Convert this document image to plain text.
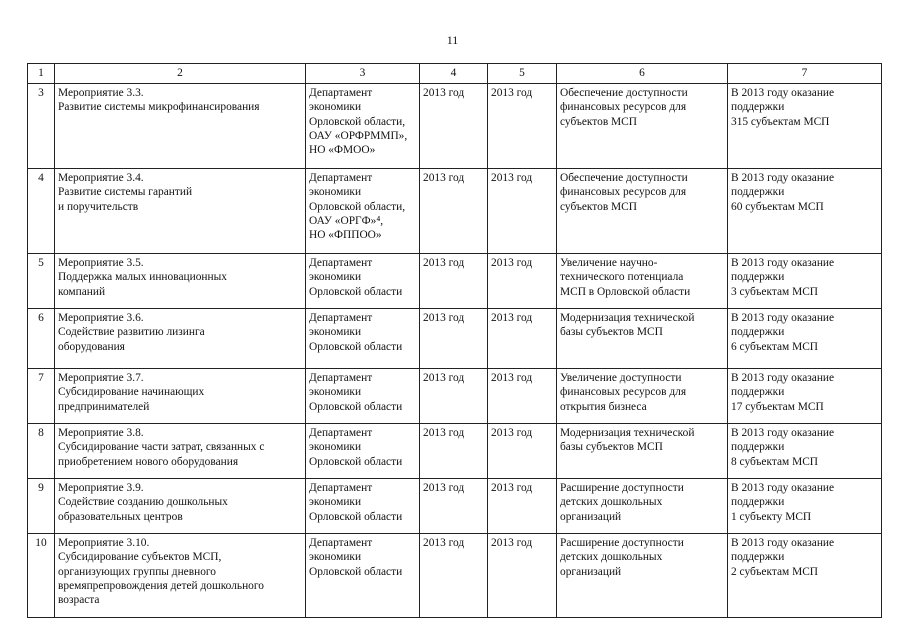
11
1	2	3	4	5	6	7
3	Мероприятие 3.3.
Развитие системы микрофинансирования	Департамент
экономики
Орловской области,
ОАУ «ОРФРММП»,
НО «ФМОО»	2013 год	2013 год	Обеспечение доступности
финансовых ресурсов для
субъектов МСП	В 2013 году оказание
поддержки
315 субъектам МСП

4	Мероприятие 3.4.
Развитие системы гарантий
и поручительств	Департамент
экономики
Орловской области,
ОАУ «ОРГФ»⁴,
НО «ФППОО»	2013 год	2013 год	Обеспечение доступности
финансовых ресурсов для
субъектов МСП	В 2013 году оказание
поддержки
60 субъектам МСП

5	Мероприятие 3.5.
Поддержка малых инновационных
компаний	Департамент
экономики
Орловской области	2013 год	2013 год	Увеличение научно-
технического потенциала
МСП в Орловской области	В 2013 году оказание
поддержки
3 субъектам МСП

6	Мероприятие 3.6.
Содействие развитию лизинга
оборудования	Департамент
экономики
Орловской области	2013 год	2013 год	Модернизация технической
базы субъектов МСП	В 2013 году оказание
поддержки
6 субъектам МСП

7	Мероприятие 3.7.
Субсидирование начинающих
предпринимателей	Департамент
экономики
Орловской области	2013 год	2013 год	Увеличение доступности
финансовых ресурсов для
открытия бизнеса	В 2013 году оказание
поддержки
17 субъектам МСП

8	Мероприятие 3.8.
Субсидирование части затрат, связанных с
приобретением нового оборудования	Департамент
экономики
Орловской области	2013 год	2013 год	Модернизация технической
базы субъектов МСП	В 2013 году оказание
поддержки
8 субъектам МСП

9	Мероприятие 3.9.
Содействие созданию дошкольных
образовательных центров	Департамент
экономики
Орловской области	2013 год	2013 год	Расширение доступности
детских дошкольных
организаций	В 2013 году оказание
поддержки
1 субъекту МСП

10	Мероприятие 3.10.
Субсидирование субъектов МСП,
организующих группы дневного
времяпрепровождения детей дошкольного
возраста	Департамент
экономики
Орловской области	2013 год	2013 год	Расширение доступности
детских дошкольных
организаций	В 2013 году оказание
поддержки
2 субъектам МСП
